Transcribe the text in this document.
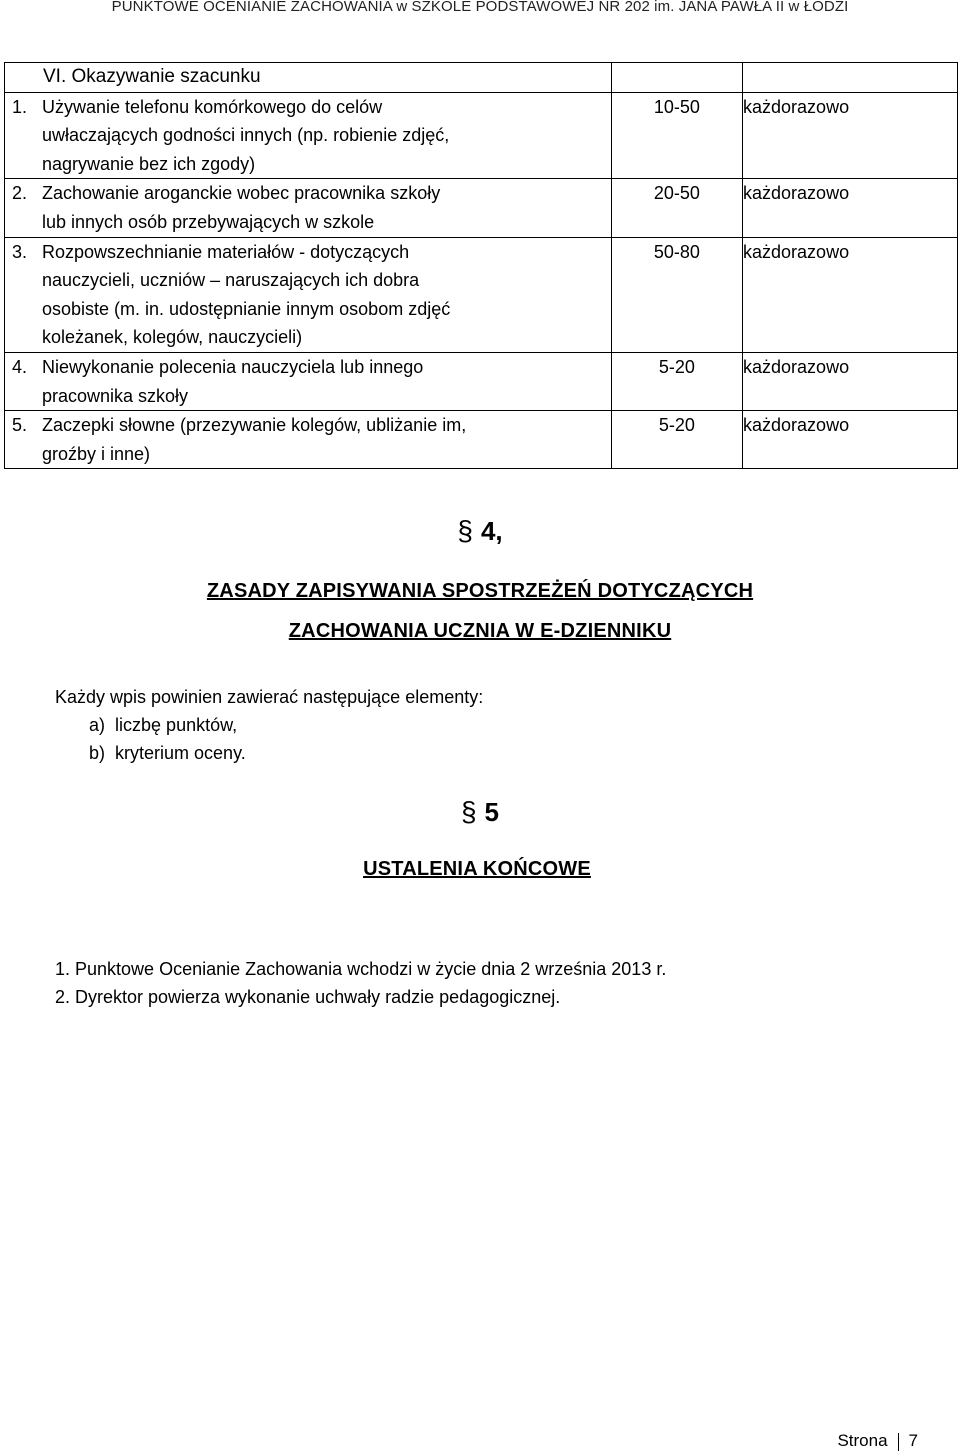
PUNKTOWE OCENIANIE ZACHOWANIA w SZKOLE PODSTAWOWEJ NR 202 im. JANA PAWŁA II w ŁODZI
VI. Okazywanie szacunku		

1. Używanie telefonu komórkowego do celów
uwłaczających godności innych (np. robienie zdjęć,
nagrywanie bez ich zgody)	10-50	każdorazowo

2. Zachowanie aroganckie wobec pracownika szkoły
lub innych osób przebywających w szkole	20-50	każdorazowo

3. Rozpowszechnianie materiałów - dotyczących
nauczycieli, uczniów – naruszających ich dobra
osobiste (m. in. udostępnianie innym osobom zdjęć
koleżanek, kolegów, nauczycieli)	50-80	każdorazowo

4. Niewykonanie polecenia nauczyciela lub innego
pracownika szkoły	5-20	każdorazowo

5. Zaczepki słowne (przezywanie kolegów, ubliżanie im,
groźby i inne)	5-20	każdorazowo
§ 4,
ZASADY ZAPISYWANIA SPOSTRZEŻEŃ DOTYCZĄCYCH
ZACHOWANIA UCZNIA W E-DZIENNIKU
Każdy wpis powinien zawierać następujące elementy:
a) liczbę punktów,
b) kryterium oceny.
§ 5
USTALENIA KOŃCOWE
1. Punktowe Ocenianie Zachowania wchodzi w życie dnia 2 września 2013 r.
2. Dyrektor powierza wykonanie uchwały radzie pedagogicznej.
Strona 7
